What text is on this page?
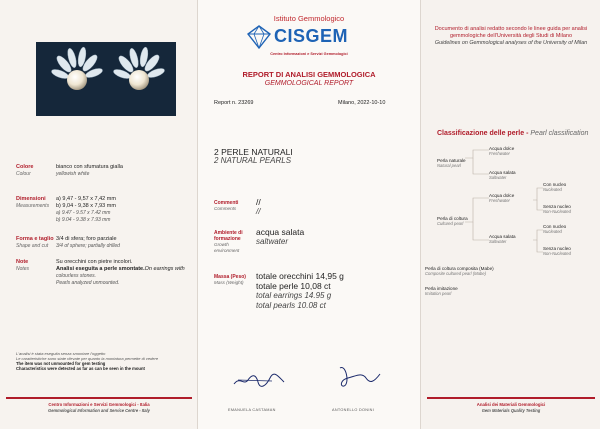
Colore
Colour
bianco con sfumatura gialla
yellowish white
Dimensioni
Measurements
a) 9,47 - 9,57 x 7,42 mm
b) 9,04 - 9,38 x 7,93 mm
a) 9.47 - 9.57 x 7.42 mm
b) 9.04 - 9.38 x 7.93 mm
Forma e taglio
Shape and cut
3/4 di sfera; foro parziale
3/4 of sphere; partially drilled
Note
Notes
Su orecchini con pietre incolori.
Analisi eseguita a perle smontate.On earrings with
colourless stones.
Pearls analyzed unmounted.
L'analisi è stata eseguita senza smontare l'oggetto
Le caratteristiche sono state rilevate per quanto la montatura permette di vedere
The item was not unmounted for gem testing
Characteristics were detected as far as can be seen in the mount
Centro Informazioni e Servizi Gemmologici - Italia
Gemmological Information and Service Centre - Italy
Istituto Gemmologico
CISGEM
Centro Informazioni e Servizi Gemmologici
REPORT DI ANALISI GEMMOLOGICA
GEMMOLOGICAL REPORT
Report n. 23269	Milano, 2022-10-10
2 PERLE NATURALI
2 NATURAL PEARLS
Commenti
Comments
//
//
Ambiente di formazione
Growth environment
acqua salata
saltwater
Massa (Peso)
Mass (Weight)
totale orecchini 14,95 g
totale perle 10,08 ct
total earrings 14.95 g
total pearls 10.08 ct
EMANUELA CASTAMAN	ANTONELLO DONINI
Documento di analisi redatto secondo le linee guida per analisi
gemmologiche dell'Università degli Studi di Milano
Guidelines on Gemmological analyses of the University of Milan
Classificazione delle perle - Pearl classification
Perla naturale
Natural pearl
Acqua dolce
Freshwater
Acqua salata
Saltwater
Perla di coltura
Cultured pearl
Acqua dolce
Freshwater
Acqua salata
Saltwater
Con nucleo
Nucleated
Senza nucleo
Non-Nucleated
Con nucleo
Nucleated
Senza nucleo
Non-Nucleated
Perla di coltura composita (Mabe)
Composite cultured pearl (Mabe)
Perla imitazione
Imitation pearl
Analisi dei Materiali Gemmologici
Gem Materials Quality Testing
